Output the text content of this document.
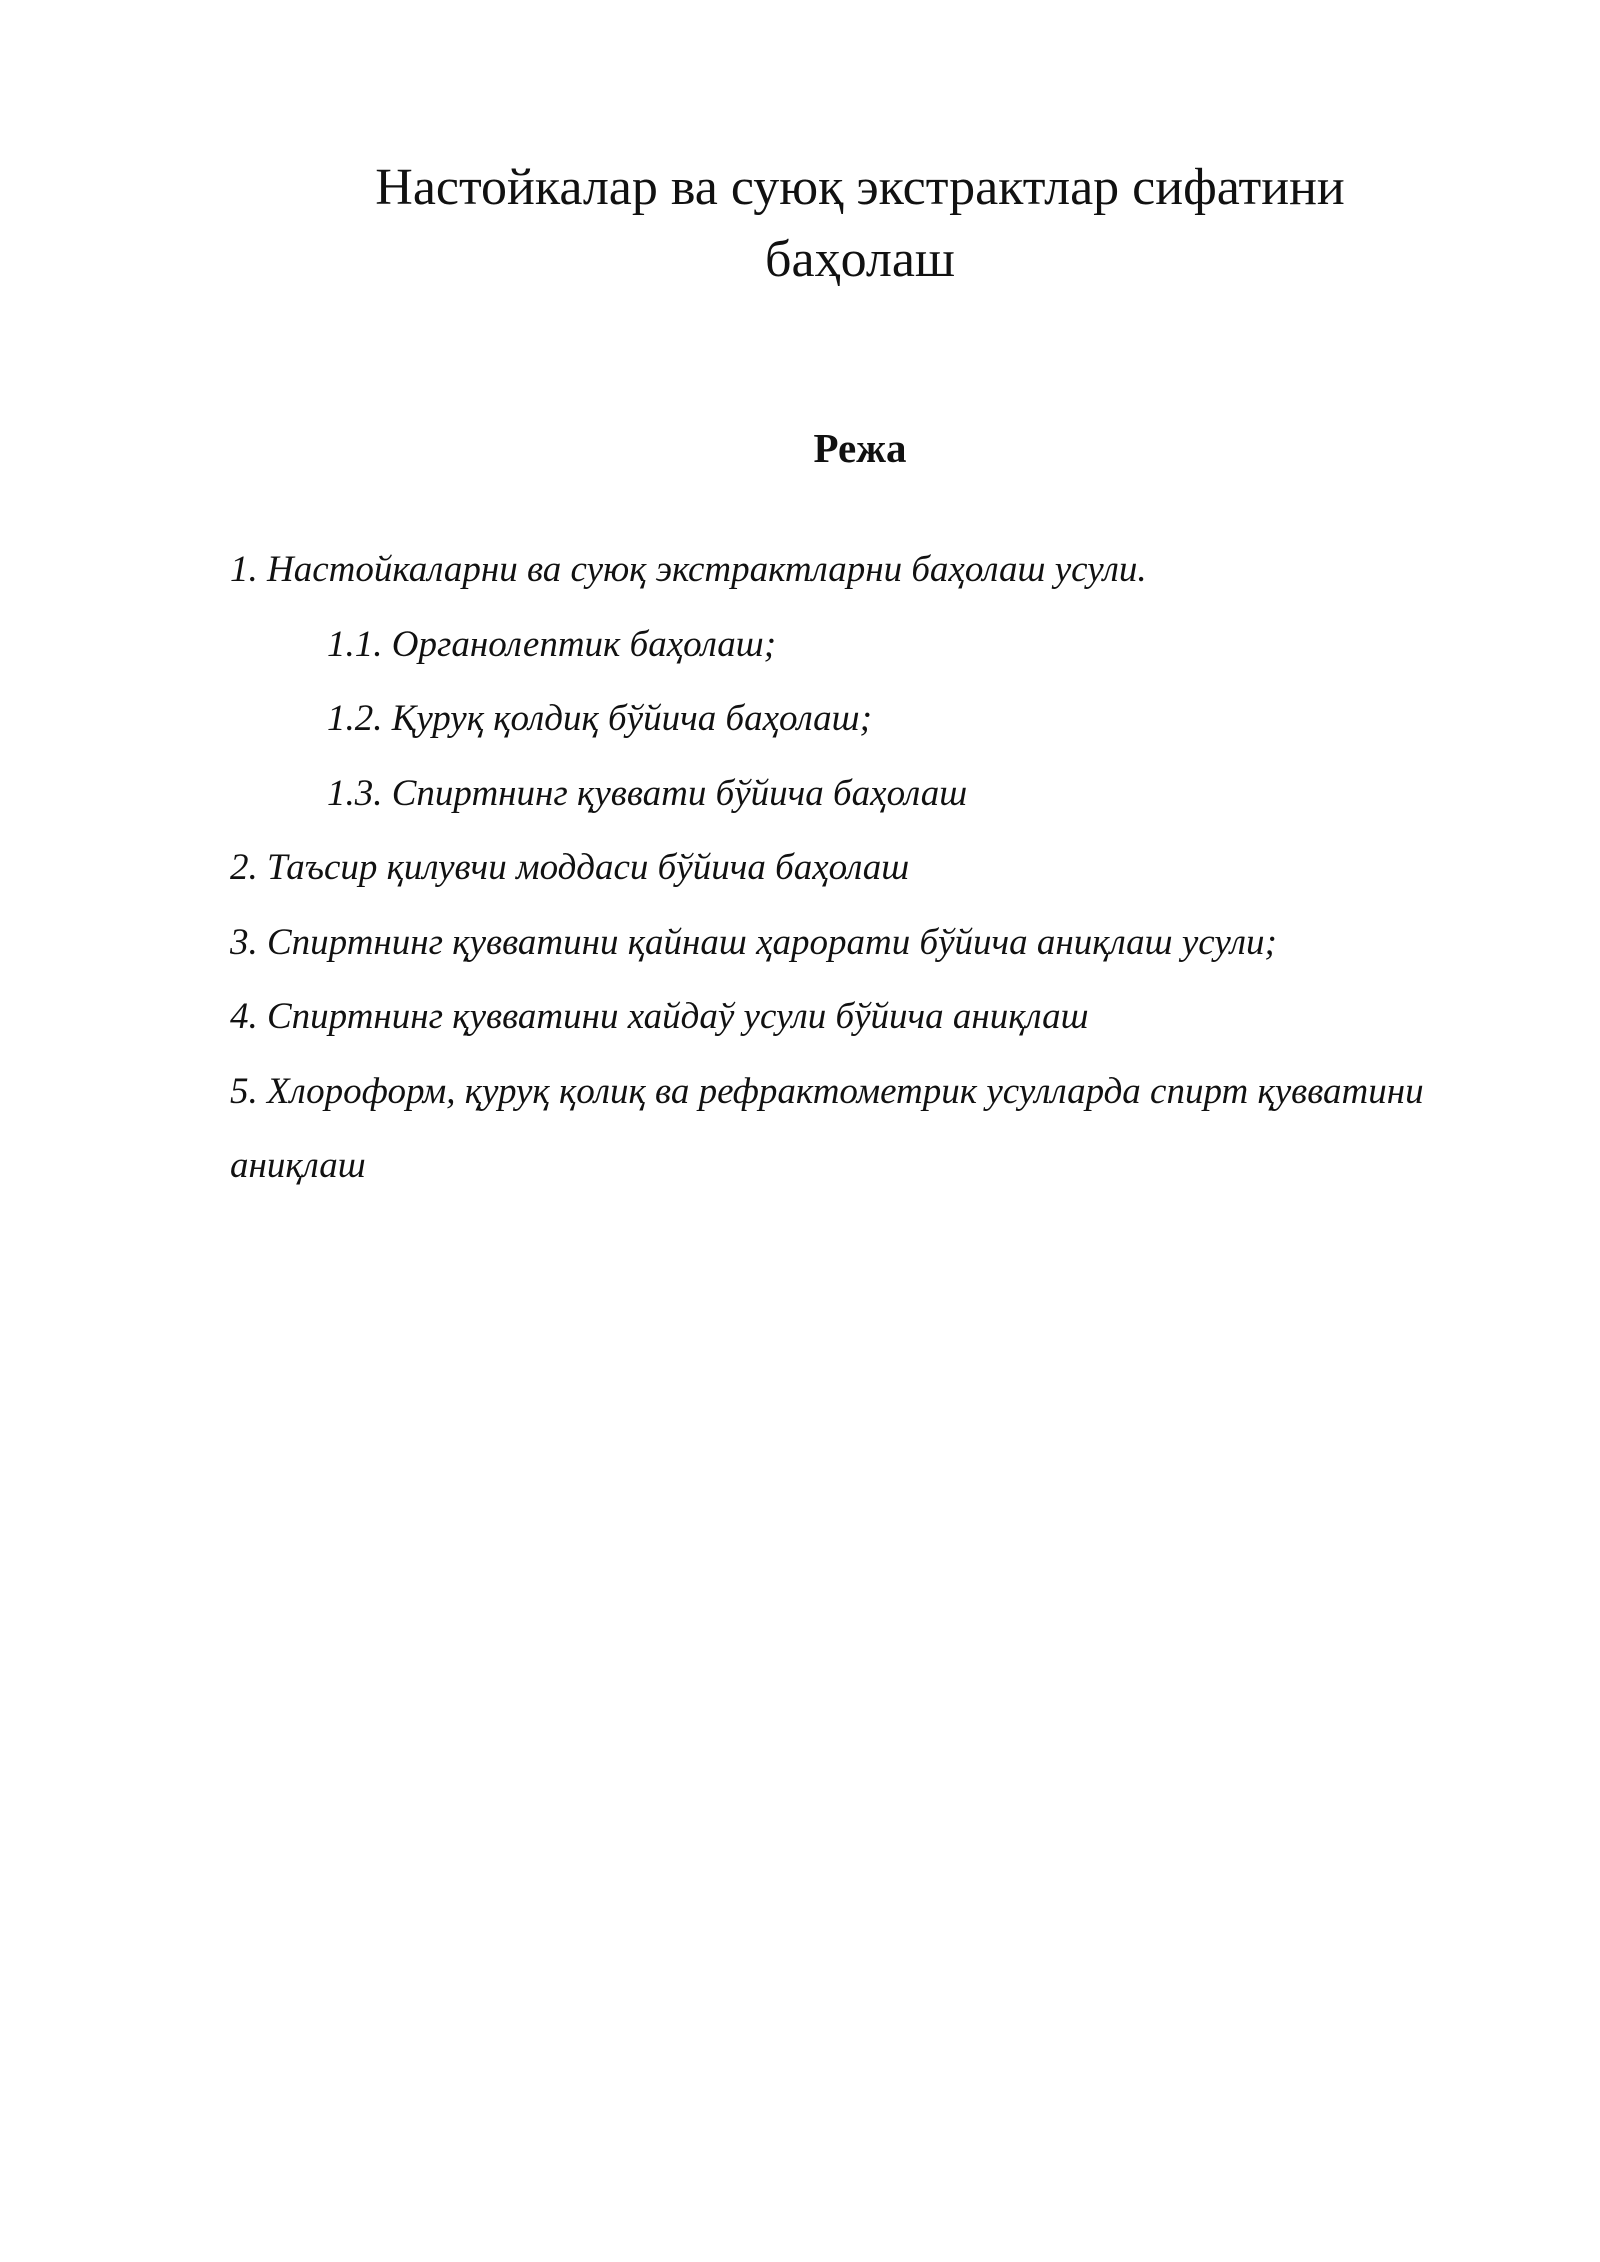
Настойкалар ва суюқ экстрактлар сифатини баҳолаш
Режа
1. Настойкаларни ва суюқ экстрактларни баҳолаш усули.
1.1. Органолептик баҳолаш;
1.2. Қуруқ қолдиқ бўйича баҳолаш;
1.3. Спиртнинг қуввати бўйича баҳолаш
2. Таъсир қилувчи моддаси бўйича баҳолаш
3. Спиртнинг қувватини қайнаш ҳарорати бўйича аниқлаш усули;
4. Спиртнинг қувватини хайдаў усули бўйича аниқлаш
5. Хлороформ, қуруқ қолиқ ва рефрактометрик усулларда спирт қувватини аниқлаш
